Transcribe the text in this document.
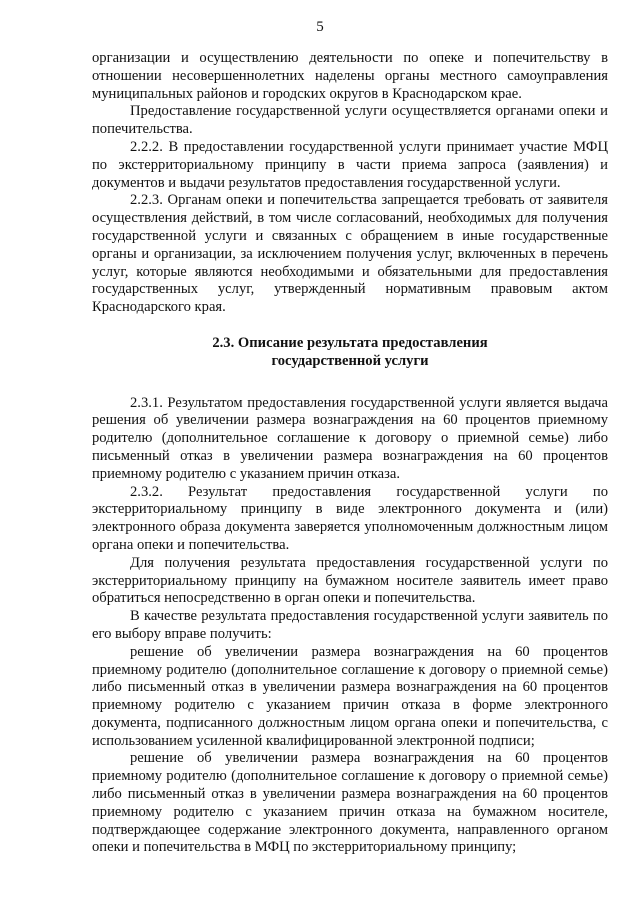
5

организации и осуществлению деятельности по опеке и попечительству в отношении несовершеннолетних наделены органы местного самоуправления муниципальных районов и городских округов в Краснодарском крае.

Предоставление государственной услуги осуществляется органами опеки и попечительства.

2.2.2. В предоставлении государственной услуги принимает участие МФЦ по экстерриториальному принципу в части приема запроса (заявления) и документов и выдачи результатов предоставления государственной услуги.

2.2.3. Органам опеки и попечительства запрещается требовать от заявителя осуществления действий, в том числе согласований, необходимых для получения государственной услуги и связанных с обращением в иные государственные органы и организации, за исключением получения услуг, включенных в перечень услуг, которые являются необходимыми и обязательными для предоставления государственных услуг, утвержденный нормативным правовым актом Краснодарского края.

2.3. Описание результата предоставления
государственной услуги

2.3.1. Результатом предоставления государственной услуги является выдача решения об увеличении размера вознаграждения на 60 процентов приемному родителю (дополнительное соглашение к договору о приемной семье) либо письменный отказ в увеличении размера вознаграждения на 60 процентов приемному родителю с указанием причин отказа.

2.3.2. Результат предоставления государственной услуги по экстерриториальному принципу в виде электронного документа и (или) электронного образа документа заверяется уполномоченным должностным лицом органа опеки и попечительства.

Для получения результата предоставления государственной услуги по экстерриториальному принципу на бумажном носителе заявитель имеет право обратиться непосредственно в орган опеки и попечительства.

В качестве результата предоставления государственной услуги заявитель по его выбору вправе получить:

решение об увеличении размера вознаграждения на 60 процентов приемному родителю (дополнительное соглашение к договору о приемной семье) либо письменный отказ в увеличении размера вознаграждения на 60 процентов приемному родителю с указанием причин отказа в форме электронного документа, подписанного должностным лицом органа опеки и попечительства, с использованием усиленной квалифицированной электронной подписи;

решение об увеличении размера вознаграждения на 60 процентов приемному родителю (дополнительное соглашение к договору о приемной семье) либо письменный отказ в увеличении размера вознаграждения на 60 процентов приемному родителю с указанием причин отказа на бумажном носителе, подтверждающее содержание электронного документа, направленного органом опеки и попечительства в МФЦ по экстерриториальному принципу;
